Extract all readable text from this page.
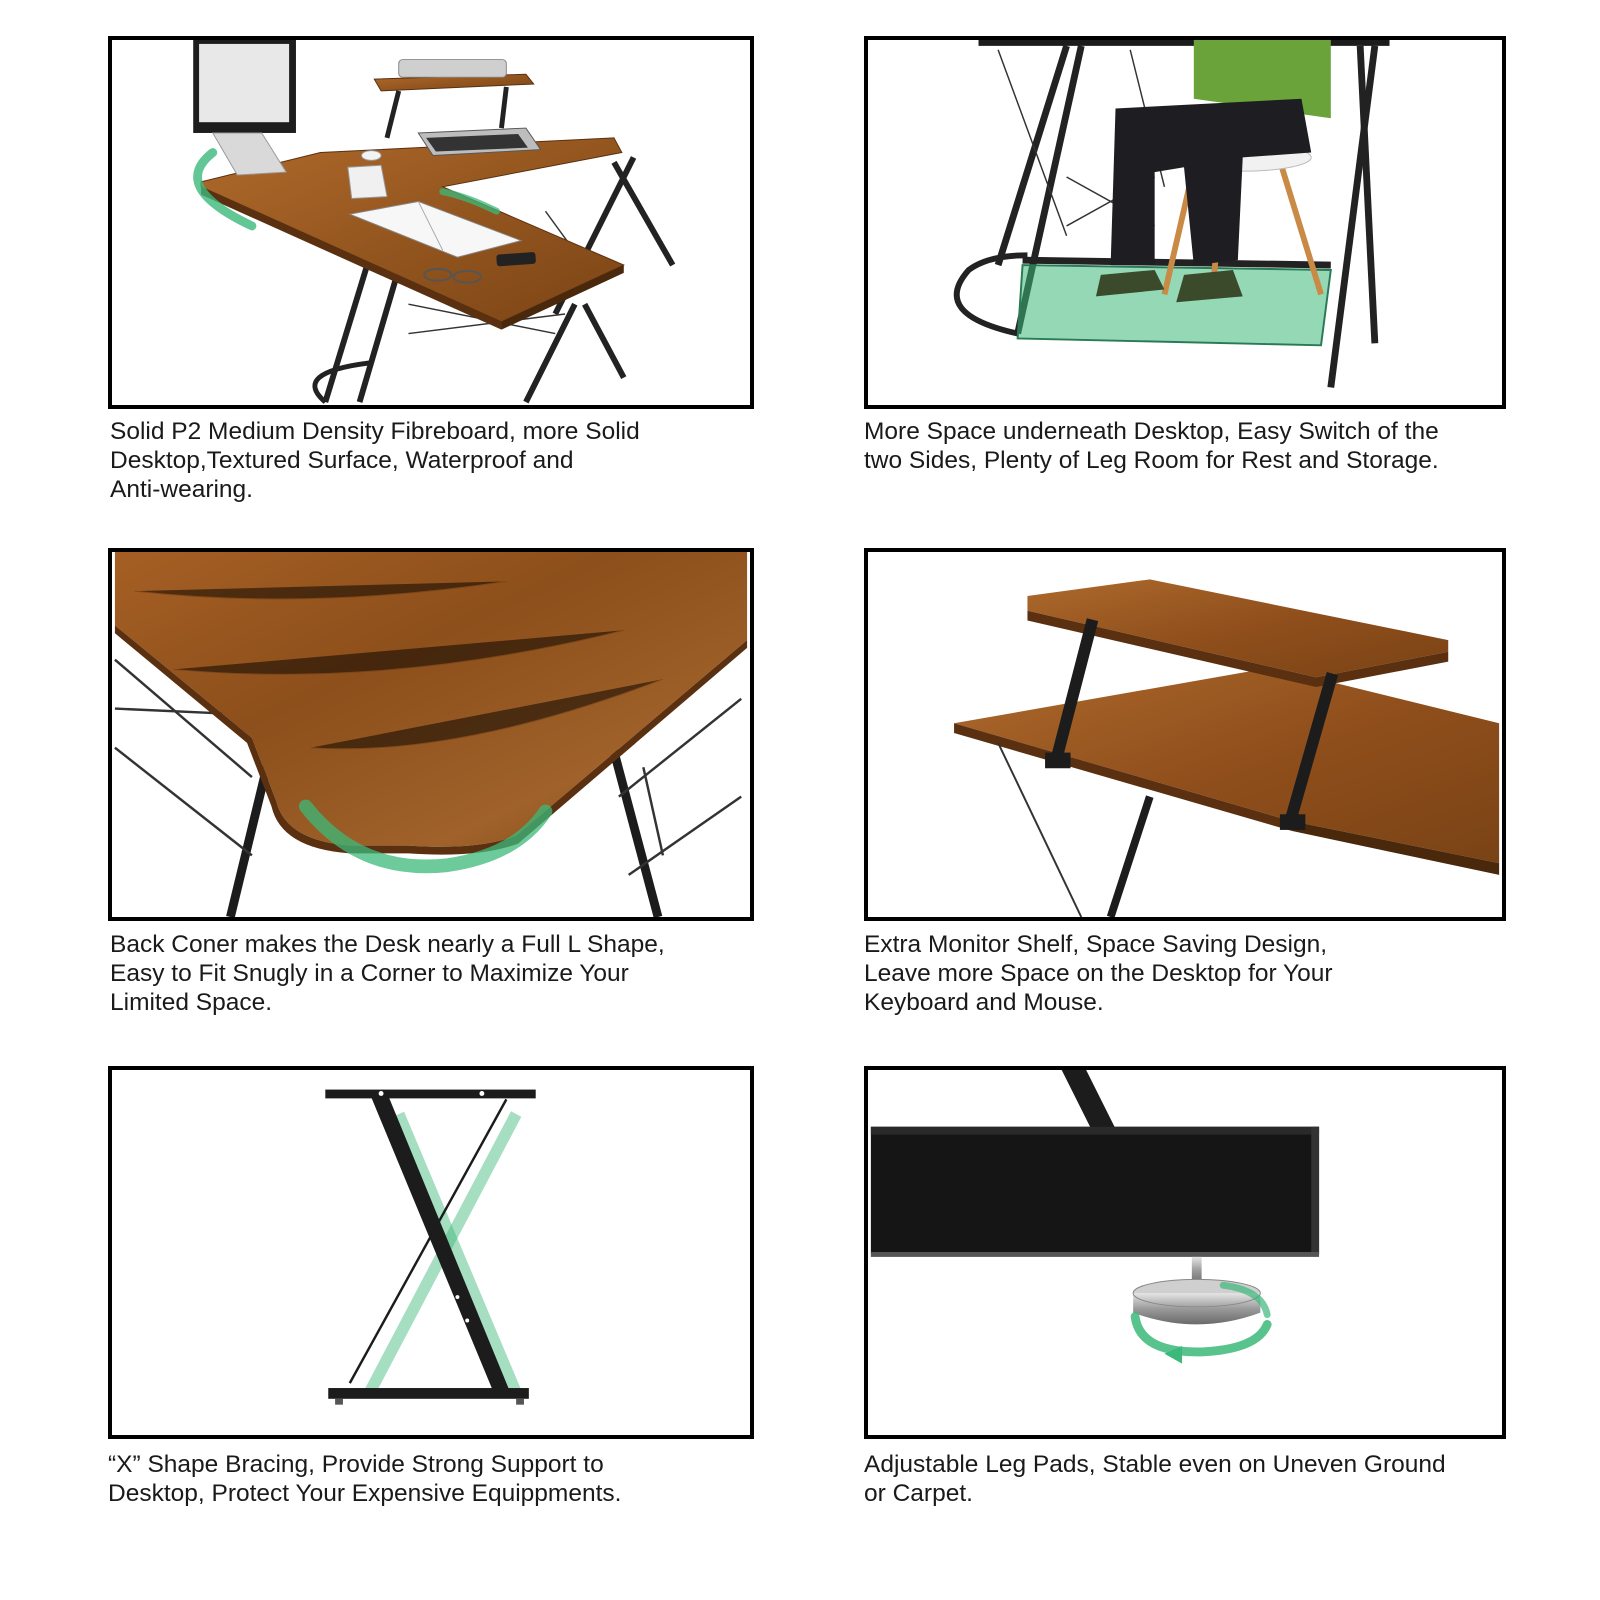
Solid P2 Medium Density Fibreboard, more Solid
Desktop,Textured Surface, Waterproof and
Anti-wearing.
More Space underneath Desktop, Easy Switch of the
two Sides, Plenty of Leg Room for Rest and Storage.
Back Coner makes the Desk nearly a Full L Shape,
Easy to Fit Snugly in a Corner to Maximize Your
Limited Space.
Extra Monitor Shelf, Space Saving Design,
Leave more Space on the Desktop for Your
Keyboard and Mouse.
“X” Shape Bracing, Provide Strong Support to
Desktop, Protect Your Expensive Equippments.
Adjustable Leg Pads, Stable even on Uneven Ground
or Carpet.
